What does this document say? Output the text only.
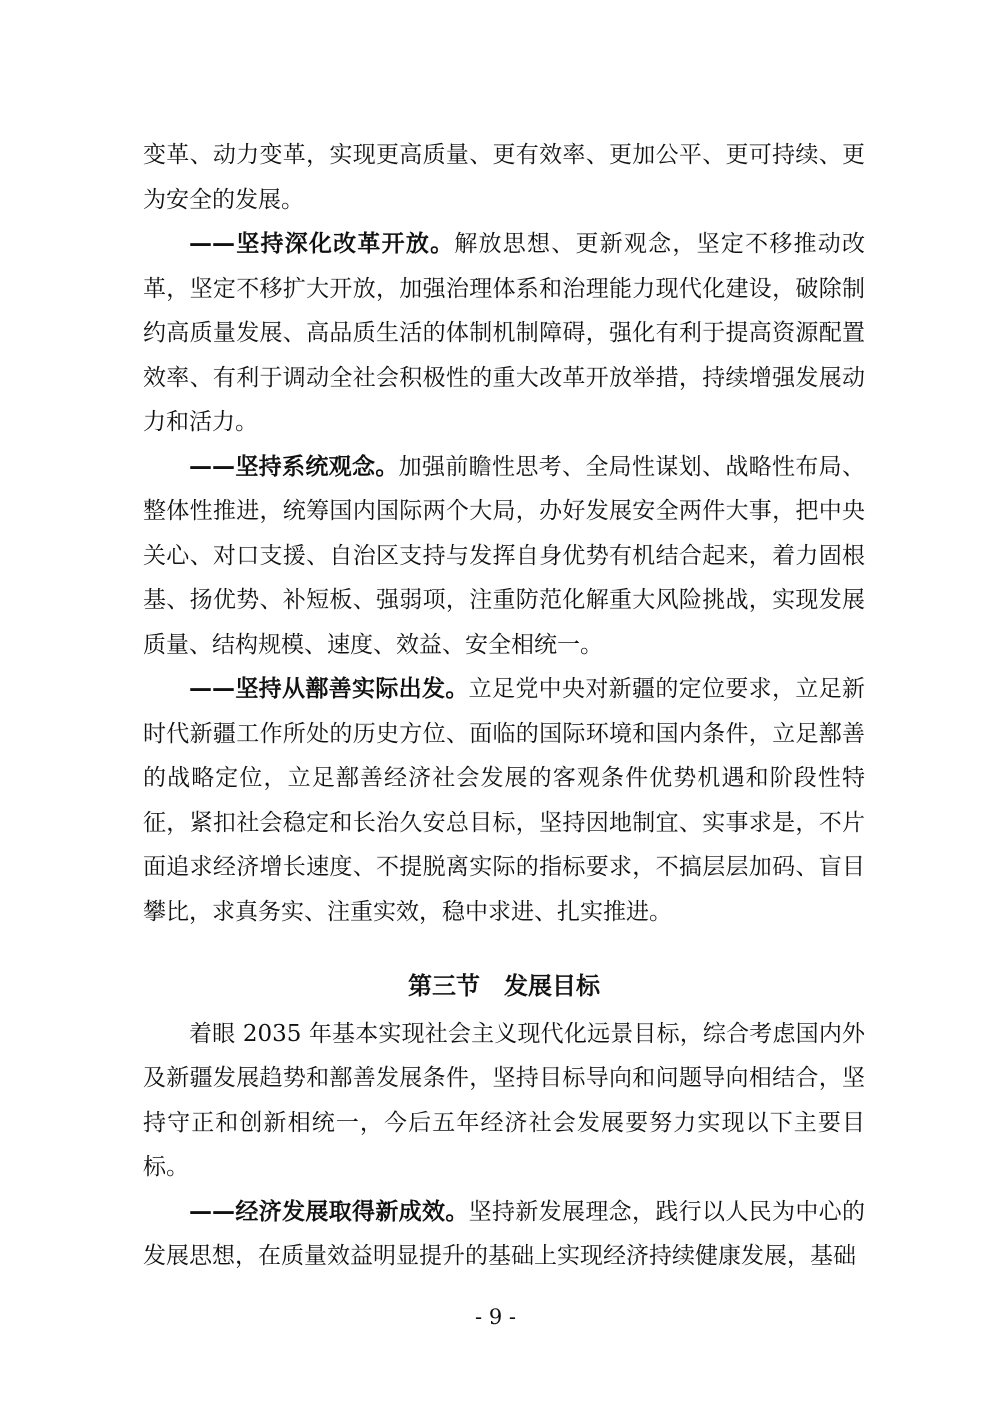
变革、动力变革，实现更高质量、更有效率、更加公平、更可持续、更为安全的发展。

——坚持深化改革开放。解放思想、更新观念，坚定不移推动改革，坚定不移扩大开放，加强治理体系和治理能力现代化建设，破除制约高质量发展、高品质生活的体制机制障碍，强化有利于提高资源配置效率、有利于调动全社会积极性的重大改革开放举措，持续增强发展动力和活力。

——坚持系统观念。加强前瞻性思考、全局性谋划、战略性布局、整体性推进，统筹国内国际两个大局，办好发展安全两件大事，把中央关心、对口支援、自治区支持与发挥自身优势有机结合起来，着力固根基、扬优势、补短板、强弱项，注重防范化解重大风险挑战，实现发展质量、结构规模、速度、效益、安全相统一。

——坚持从鄯善实际出发。立足党中央对新疆的定位要求，立足新时代新疆工作所处的历史方位、面临的国际环境和国内条件，立足鄯善的战略定位，立足鄯善经济社会发展的客观条件优势机遇和阶段性特征，紧扣社会稳定和长治久安总目标，坚持因地制宜、实事求是，不片面追求经济增长速度、不提脱离实际的指标要求，不搞层层加码、盲目攀比，求真务实、注重实效，稳中求进、扎实推进。

第三节　发展目标

着眼 2035 年基本实现社会主义现代化远景目标，综合考虑国内外及新疆发展趋势和鄯善发展条件，坚持目标导向和问题导向相结合，坚持守正和创新相统一，今后五年经济社会发展要努力实现以下主要目标。

——经济发展取得新成效。坚持新发展理念，践行以人民为中心的发展思想，在质量效益明显提升的基础上实现经济持续健康发展，基础

- 9 -
